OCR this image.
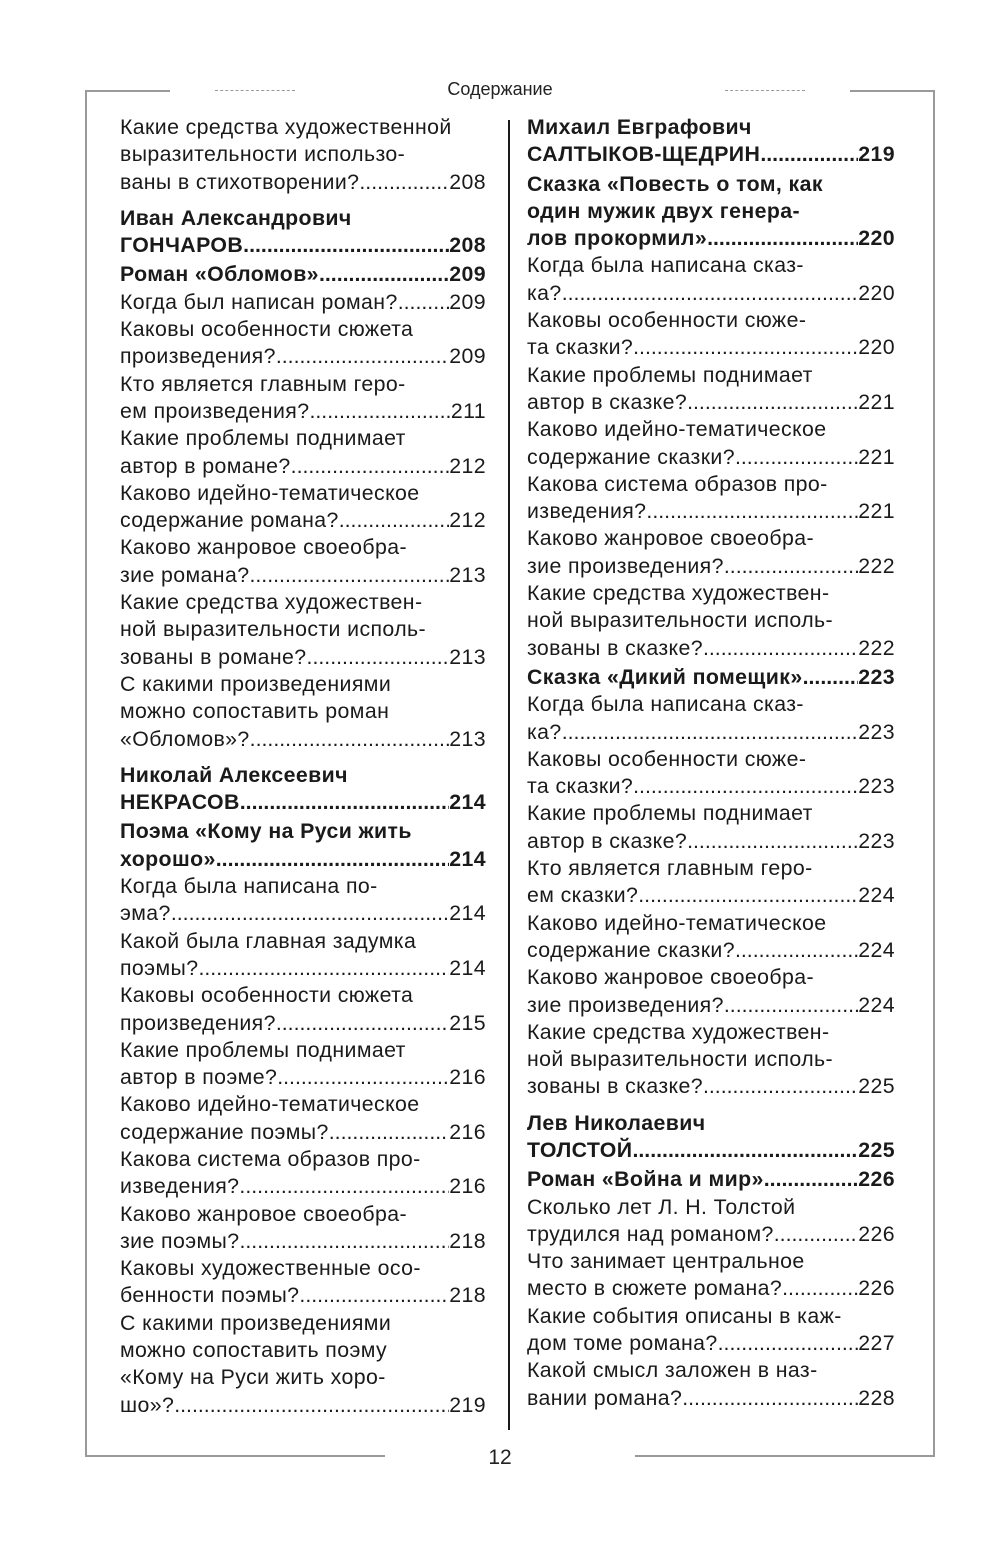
Содержание
Какие средства художественной
выразительности использо-
ваны в стихотворении? .....	208
Иван Александрович
ГОНЧАРОВ .....	208
Роман «Обломов» .....	209
Когда был написан роман? ..... 209
Каковы особенности сюжета
произведения? .....	209
Кто является главным геро-
ем произведения? .....	211
Какие проблемы поднимает
автор в романе? .....	212
Каково идейно-тематическое
содержание романа? .....	212
Каково жанровое своеобра-
зие романа? .....	213
Какие средства художествен-
ной выразительности исполь-
зованы в романе? .....	213
С какими произведениями
можно сопоставить роман
«Обломов»? .....	213
Николай Алексеевич
НЕКРАСОВ .....	214
Поэма «Кому на Руси жить
хорошо» .....	214
Когда была написана по-
эма? .....	214
Какой была главная задумка
поэмы? .....	214
Каковы особенности сюжета
произведения? .....	215
Какие проблемы поднимает
автор в поэме? .....	216
Каково идейно-тематическое
содержание поэмы? .....	216
Какова система образов про-
изведения? .....	216
Каково жанровое своеобра-
зие поэмы? .....	218
Каковы художественные осо-
бенности поэмы? .....	218
С какими произведениями
можно сопоставить поэму
«Кому на Руси жить хоро-
шо»? .....	219
Михаил Евграфович
САЛТЫКОВ-ЩЕДРИН .....	219
Сказка «Повесть о том, как
один мужик двух генера-
лов прокормил» .....	220
Когда была написана сказ-
ка? .....	220
Каковы особенности сюже-
та сказки? .....	220
Какие проблемы поднимает
автор в сказке? .....	221
Каково идейно-тематическое
содержание сказки? .....	221
Какова система образов про-
изведения? .....	221
Каково жанровое своеобра-
зие произведения? .....	222
Какие средства художествен-
ной выразительности исполь-
зованы в сказке? .....	222
Сказка «Дикий помещик» .....	223
Когда была написана сказ-
ка? .....	223
Каковы особенности сюже-
та сказки? .....	223
Какие проблемы поднимает
автор в сказке? .....	223
Кто является главным геро-
ем сказки? .....	224
Каково идейно-тематическое
содержание сказки? .....	224
Каково жанровое своеобра-
зие произведения? .....	224
Какие средства художествен-
ной выразительности исполь-
зованы в сказке? .....	225
Лев Николаевич
ТОЛСТОЙ .....	225
Роман «Война и мир» .....	226
Сколько лет Л. Н. Толстой
трудился над романом? .....	226
Что занимает центральное
место в сюжете романа? .....	226
Какие события описаны в каж-
дом томе романа? .....	227
Какой смысл заложен в наз-
вании романа? .....	228
12
